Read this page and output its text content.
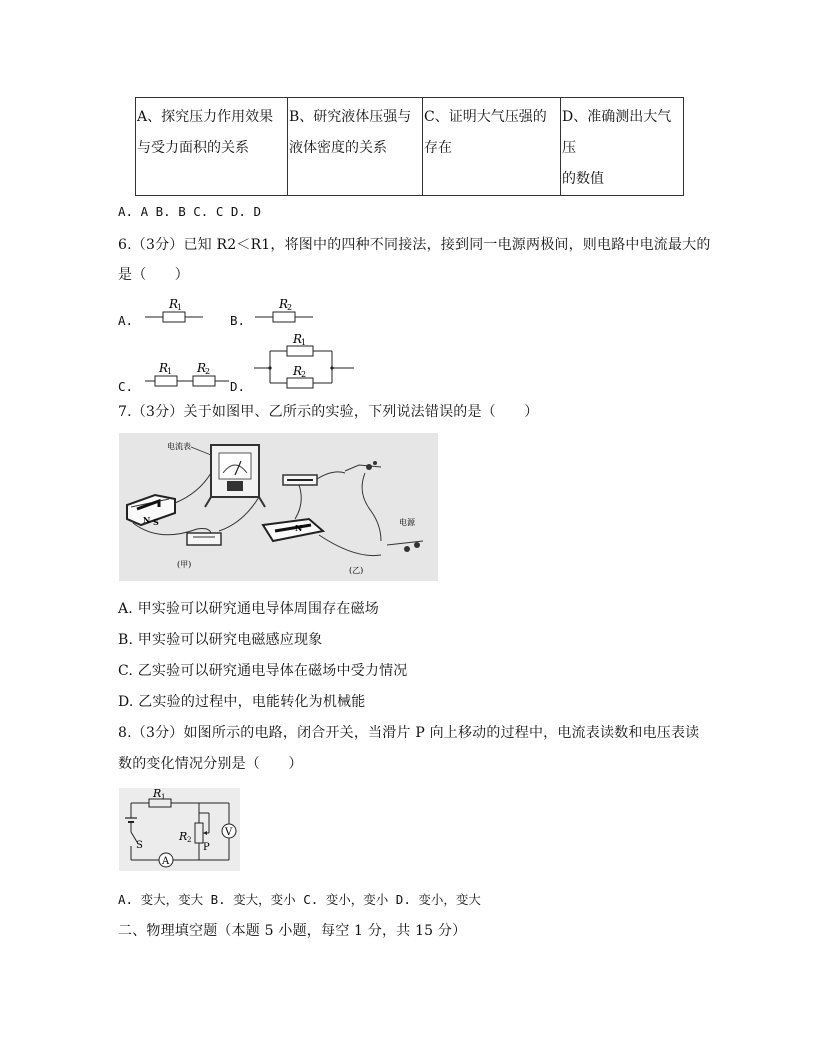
A、探究压力作用效果
与受力面积的关系

B、研究液体压强与
液体密度的关系

C、证明大气压强的
存在

D、准确测出大气
压
的数值
A. A B. B C. C D. D
6.（3分）已知 R2＜R1，将图中的四种不同接法，接到同一电源两极间，则电路中电流最大的
是（　　）
A.	B.
C.	D.
R
1	R
2
R
1 R
2
R
1
R
2
7.（3分）关于如图甲、乙所示的实验，下列说法错误的是（　　）
电流表
N S
(甲)
N
电源
(乙)
A. 甲实验可以研究通电导体周围存在磁场
B. 甲实验可以研究电磁感应现象
C. 乙实验可以研究通电导体在磁场中受力情况
D. 乙实验的过程中，电能转化为机械能
8.（3分）如图所示的电路，闭合开关，当滑片 P 向上移动的过程中，电流表读数和电压表读
数的变化情况分别是（　　）
R 1
S
A
R 2
P
V
A. 变大，变大 B. 变大，变小 C. 变小，变小 D. 变小，变大
二、物理填空题（本题 5 小题，每空 1 分，共 15 分）
